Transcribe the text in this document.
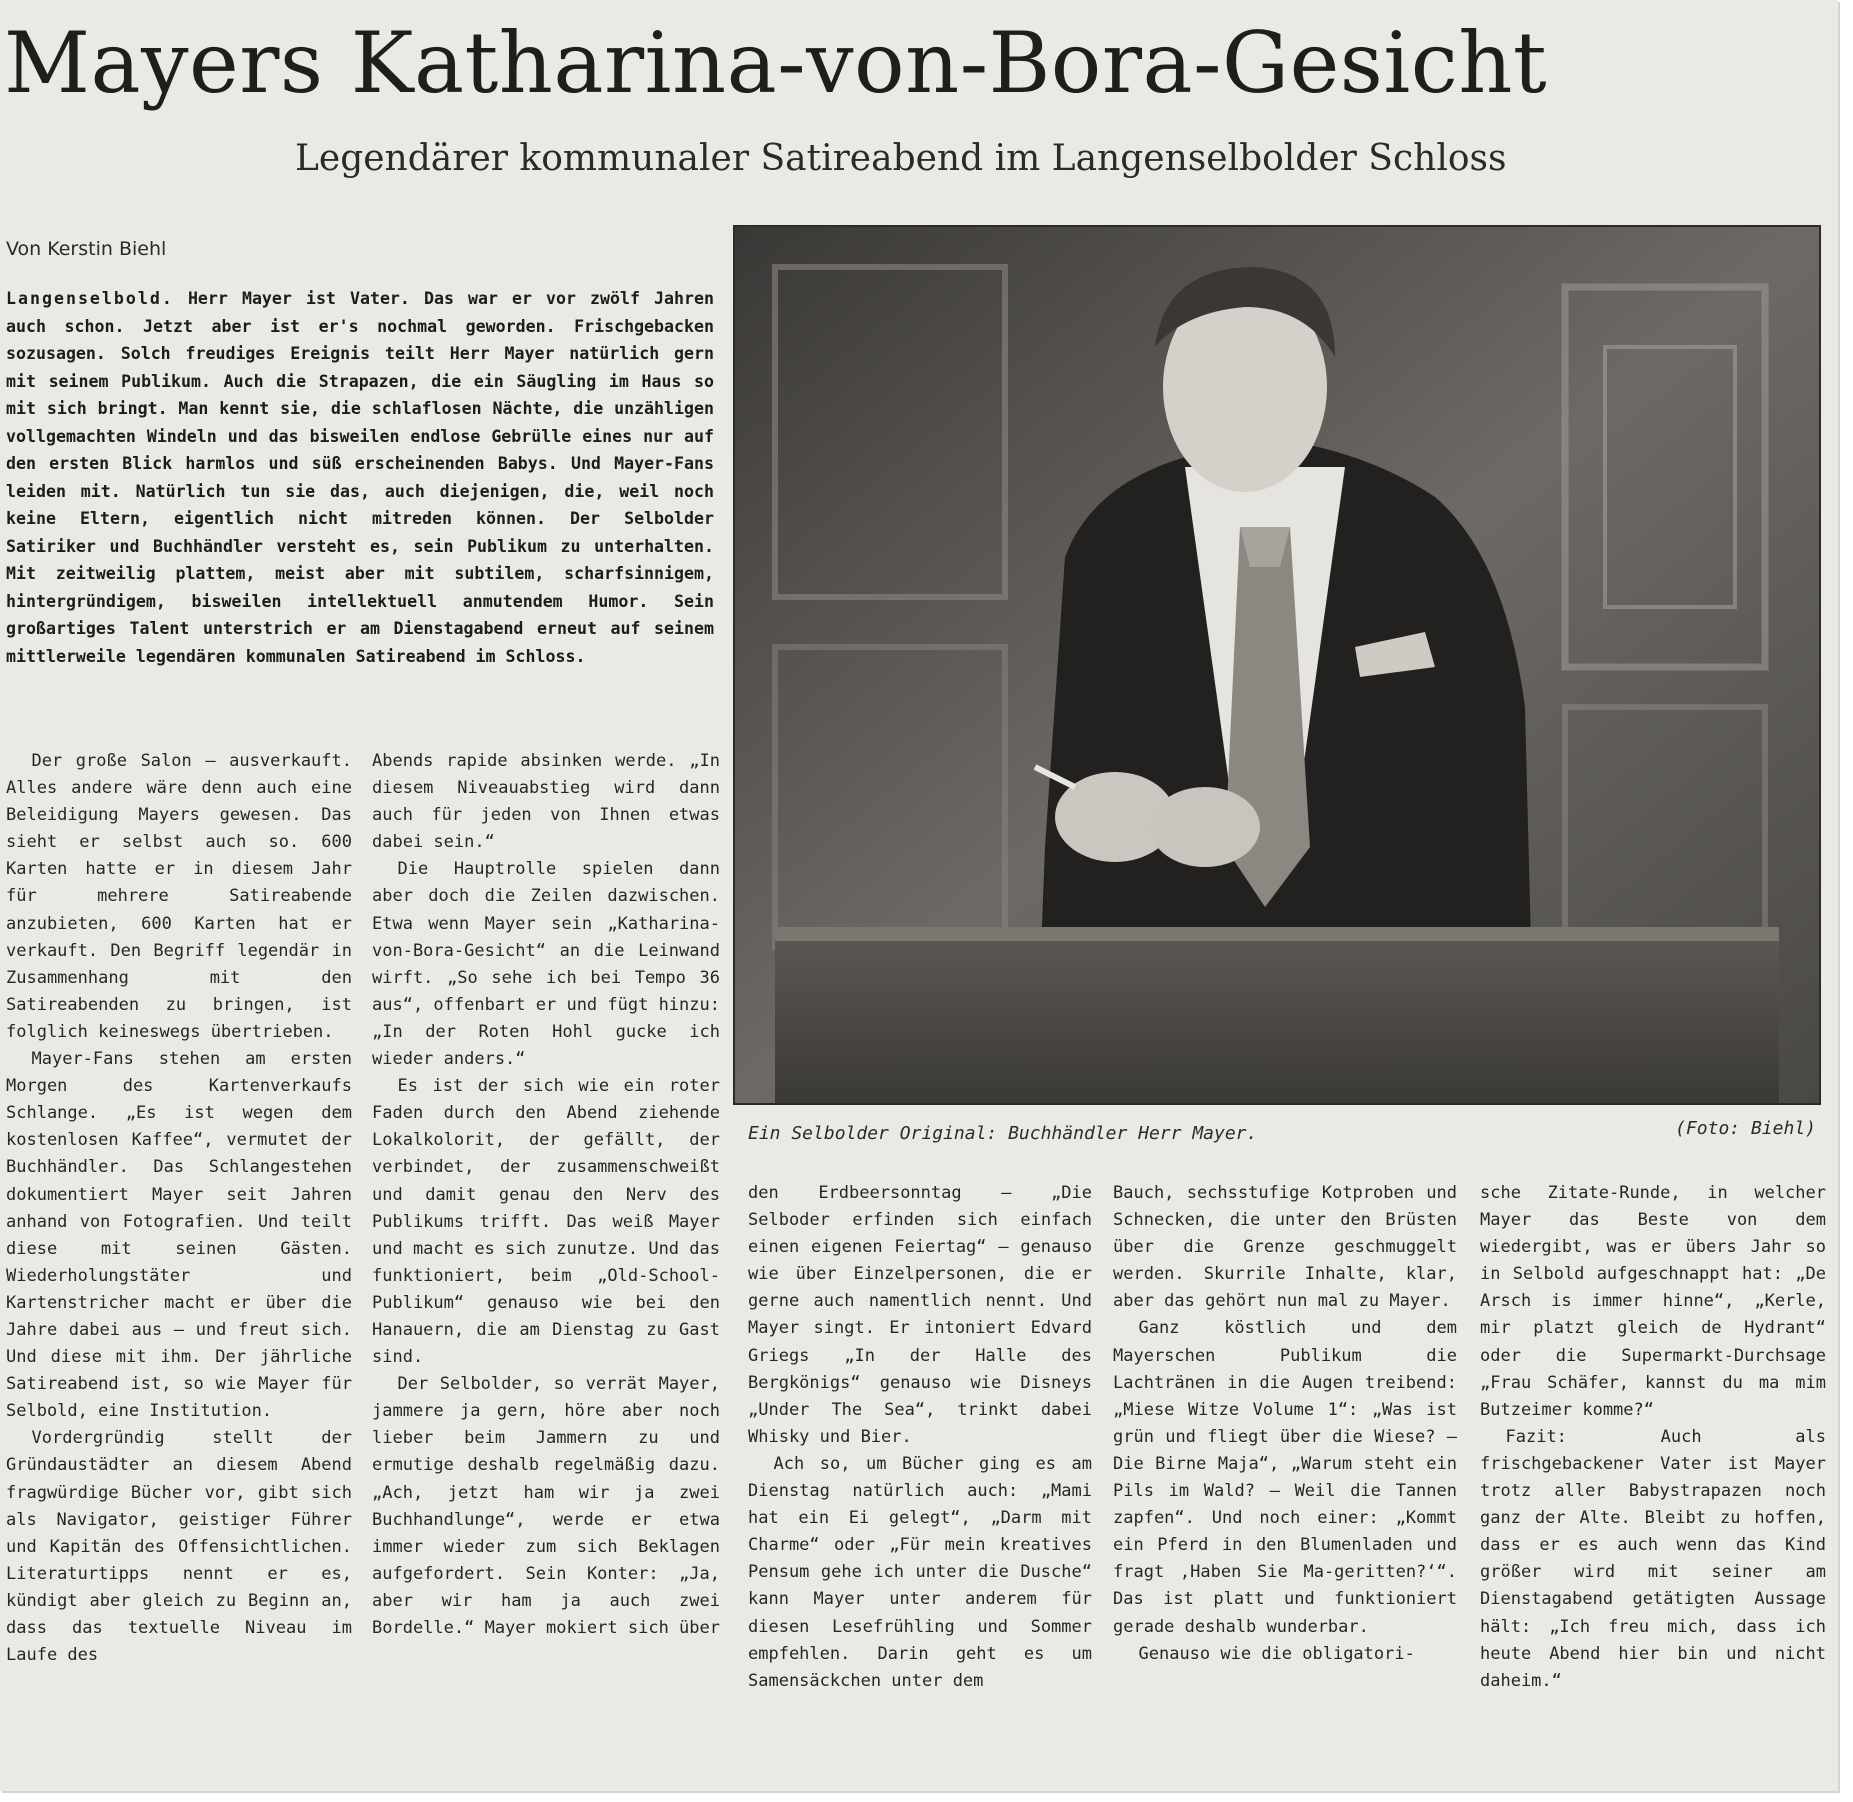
Mayers Katharina-von-Bora-Gesicht
Legendärer kommunaler Satireabend im Langenselbolder Schloss
Von Kerstin Biehl

Langenselbold. Herr Mayer ist Vater. Das war er vor zwölf Jahren auch schon. Jetzt aber ist er's nochmal geworden. Frischgebacken sozusagen. Solch freudiges Ereignis teilt Herr Mayer natürlich gern mit seinem Publikum. Auch die Strapazen, die ein Säugling im Haus so mit sich bringt. Man kennt sie, die schlaflosen Nächte, die unzähligen vollgemachten Windeln und das bisweilen endlose Gebrülle eines nur auf den ersten Blick harmlos und süß erscheinenden Babys. Und Mayer-Fans leiden mit. Natürlich tun sie das, auch diejenigen, die, weil noch keine Eltern, eigentlich nicht mitreden können. Der Selbolder Satiriker und Buchhändler versteht es, sein Publikum zu unterhalten. Mit zeitweilig plattem, meist aber mit subtilem, scharfsinnigem, hintergründigem, bisweilen intellektuell anmutendem Humor. Sein großartiges Talent unterstrich er am Dienstagabend erneut auf seinem mittlerweile legendären kommunalen Satireabend im Schloss.

Ein Selbolder Original: Buchhändler Herr Mayer.	(Foto: Biehl)

Der große Salon – ausverkauft. Alles andere wäre denn auch eine Beleidigung Mayers gewesen. Das sieht er selbst auch so. 600 Karten hatte er in diesem Jahr für mehrere Satireabende anzubieten, 600 Karten hat er verkauft. Den Begriff legendär in Zusammenhang mit den Satireabenden zu bringen, ist folglich keineswegs übertrieben.

Mayer-Fans stehen am ersten Morgen des Kartenverkaufs Schlange. „Es ist wegen dem kostenlosen Kaffee“, vermutet der Buchhändler. Das Schlangestehen dokumentiert Mayer seit Jahren anhand von Fotografien. Und teilt diese mit seinen Gästen. Wiederholungstäter und Kartenstricher macht er über die Jahre dabei aus – und freut sich. Und diese mit ihm. Der jährliche Satireabend ist, so wie Mayer für Selbold, eine Institution.

Vordergründig stellt der Gründaustädter an diesem Abend fragwürdige Bücher vor, gibt sich als Navigator, geistiger Führer und Kapitän des Offensichtlichen. Literaturtipps nennt er es, kündigt aber gleich zu Beginn an, dass das textuelle Niveau im Laufe des

Abends rapide absinken werde. „In diesem Niveauabstieg wird dann auch für jeden von Ihnen etwas dabei sein.“

Die Hauptrolle spielen dann aber doch die Zeilen dazwischen. Etwa wenn Mayer sein „Katharina-von-Bora-Gesicht“ an die Leinwand wirft. „So sehe ich bei Tempo 36 aus“, offenbart er und fügt hinzu: „In der Roten Hohl gucke ich wieder anders.“

Es ist der sich wie ein roter Faden durch den Abend ziehende Lokalkolorit, der gefällt, der verbindet, der zusammenschweißt und damit genau den Nerv des Publikums trifft. Das weiß Mayer und macht es sich zunutze. Und das funktioniert, beim „Old-School-Publikum“ genauso wie bei den Hanauern, die am Dienstag zu Gast sind.

Der Selbolder, so verrät Mayer, jammere ja gern, höre aber noch lieber beim Jammern zu und ermutige deshalb regelmäßig dazu. „Ach, jetzt ham wir ja zwei Buchhandlunge“, werde er etwa immer wieder zum sich Beklagen aufgefordert. Sein Konter: „Ja, aber wir ham ja auch zwei Bordelle.“ Mayer mokiert sich über

den Erdbeersonntag – „Die Selboder erfinden sich einfach einen eigenen Feiertag“ – genauso wie über Einzelpersonen, die er gerne auch namentlich nennt. Und Mayer singt. Er intoniert Edvard Griegs „In der Halle des Bergkönigs“ genauso wie Disneys „Under The Sea“, trinkt dabei Whisky und Bier.

Ach so, um Bücher ging es am Dienstag natürlich auch: „Mami hat ein Ei gelegt“, „Darm mit Charme“ oder „Für mein kreatives Pensum gehe ich unter die Dusche“ kann Mayer unter anderem für diesen Lesefrühling und Sommer empfehlen. Darin geht es um Samensäckchen unter dem

Bauch, sechsstufige Kotproben und Schnecken, die unter den Brüsten über die Grenze geschmuggelt werden. Skurrile Inhalte, klar, aber das gehört nun mal zu Mayer.

Ganz köstlich und dem Mayerschen Publikum die Lachtränen in die Augen treibend: „Miese Witze Volume 1“: „Was ist grün und fliegt über die Wiese? – Die Birne Maja“, „Warum steht ein Pils im Wald? – Weil die Tannen zapfen“. Und noch einer: „Kommt ein Pferd in den Blumenladen und fragt ‚Haben Sie Ma-geritten?‘“. Das ist platt und funktioniert gerade deshalb wunderbar.

Genauso wie die obligatori-

sche Zitate-Runde, in welcher Mayer das Beste von dem wiedergibt, was er übers Jahr so in Selbold aufgeschnappt hat: „De Arsch is immer hinne“, „Kerle, mir platzt gleich de Hydrant“ oder die Supermarkt-Durchsage „Frau Schäfer, kannst du ma mim Butzeimer komme?“

Fazit: Auch als frischgebackener Vater ist Mayer trotz aller Babystrapazen noch ganz der Alte. Bleibt zu hoffen, dass er es auch wenn das Kind größer wird mit seiner am Dienstagabend getätigten Aussage hält: „Ich freu mich, dass ich heute Abend hier bin und nicht daheim.“
